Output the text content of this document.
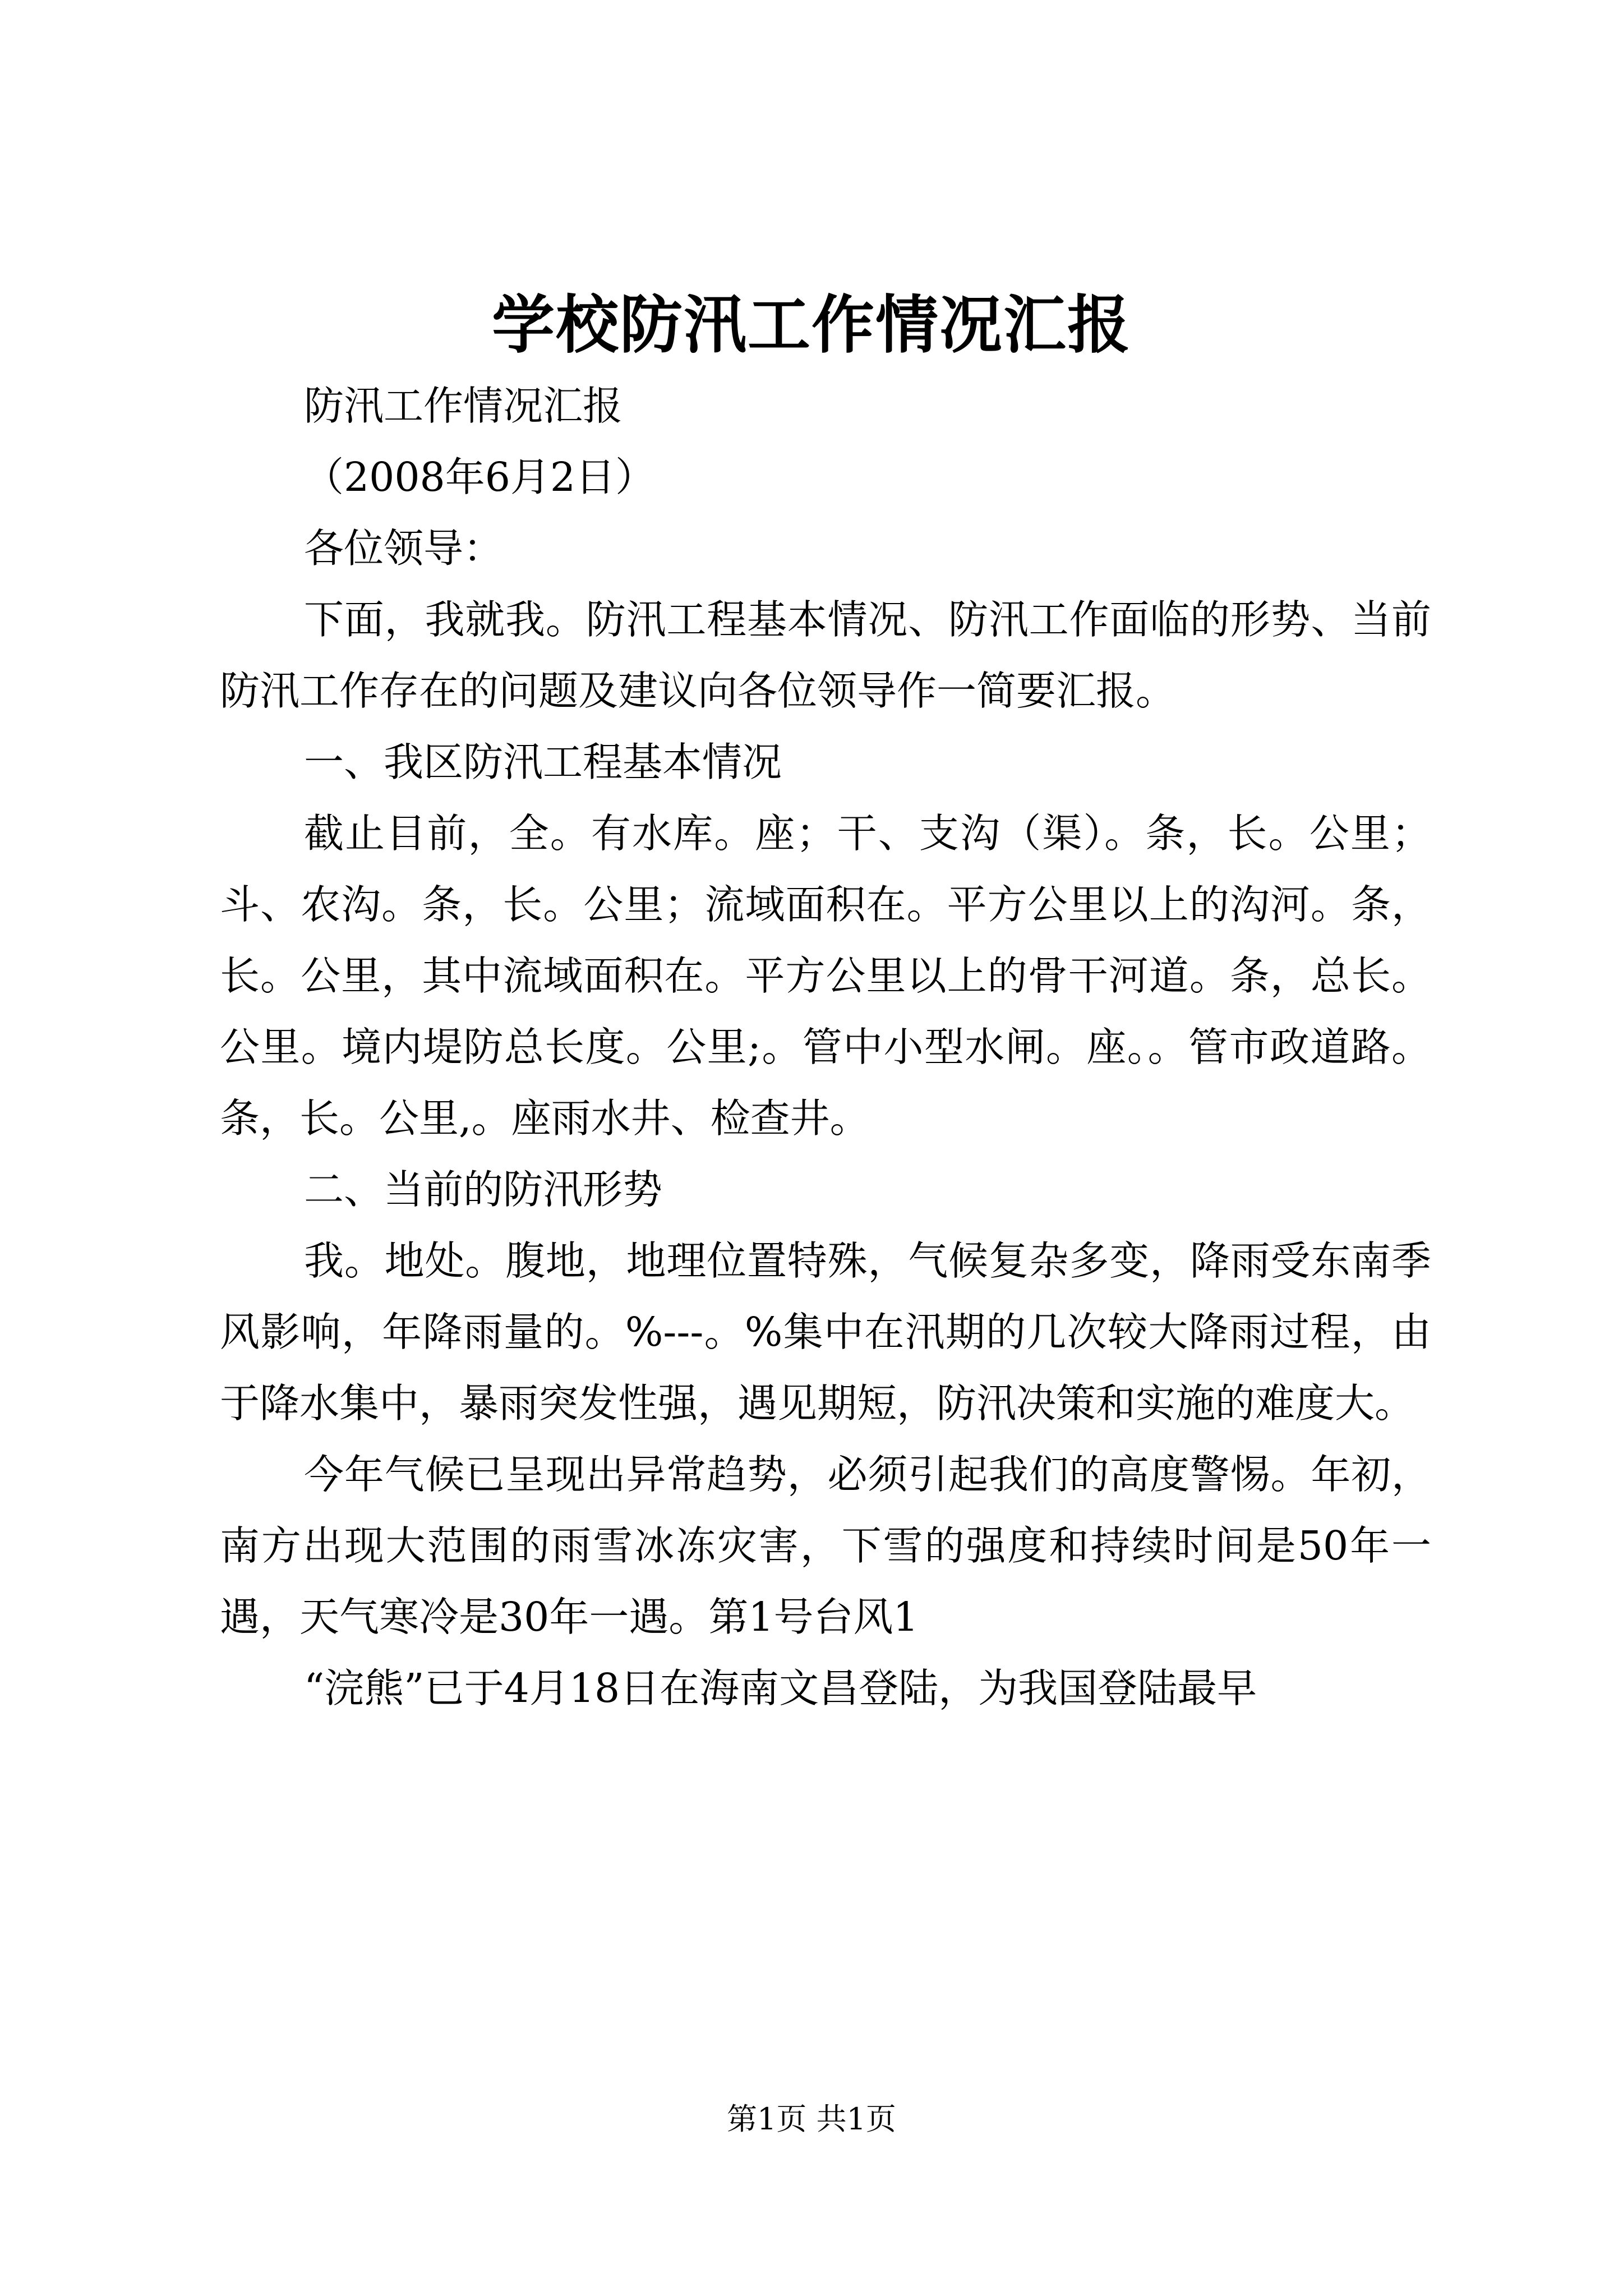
学校防汛工作情况汇报

防汛工作情况汇报

（2008年6月2日）

各位领导：

下面，我就我。防汛工程基本情况、防汛工作面临的形势、当前防汛工作存在的问题及建议向各位领导作一简要汇报。

一、我区防汛工程基本情况

截止目前，全。有水库。座；干、支沟（渠）。条，长。公里；斗、农沟。条，长。公里；流域面积在。平方公里以上的沟河。条，长。公里，其中流域面积在。平方公里以上的骨干河道。条，总长。公里。境内堤防总长度。公里;。管中小型水闸。座。。管市政道路。条，长。公里,。座雨水井、检查井。

二、当前的防汛形势

我。地处。腹地，地理位置特殊，气候复杂多变，降雨受东南季风影响，年降雨量的。%---。%集中在汛期的几次较大降雨过程，由于降水集中，暴雨突发性强，遇见期短，防汛决策和实施的难度大。

今年气候已呈现出异常趋势，必须引起我们的高度警惕。年初，南方出现大范围的雨雪冰冻灾害，下雪的强度和持续时间是50年一遇，天气寒冷是30年一遇。第1号台风1

“浣熊”已于4月18日在海南文昌登陆，为我国登陆最早

第1页 共1页
